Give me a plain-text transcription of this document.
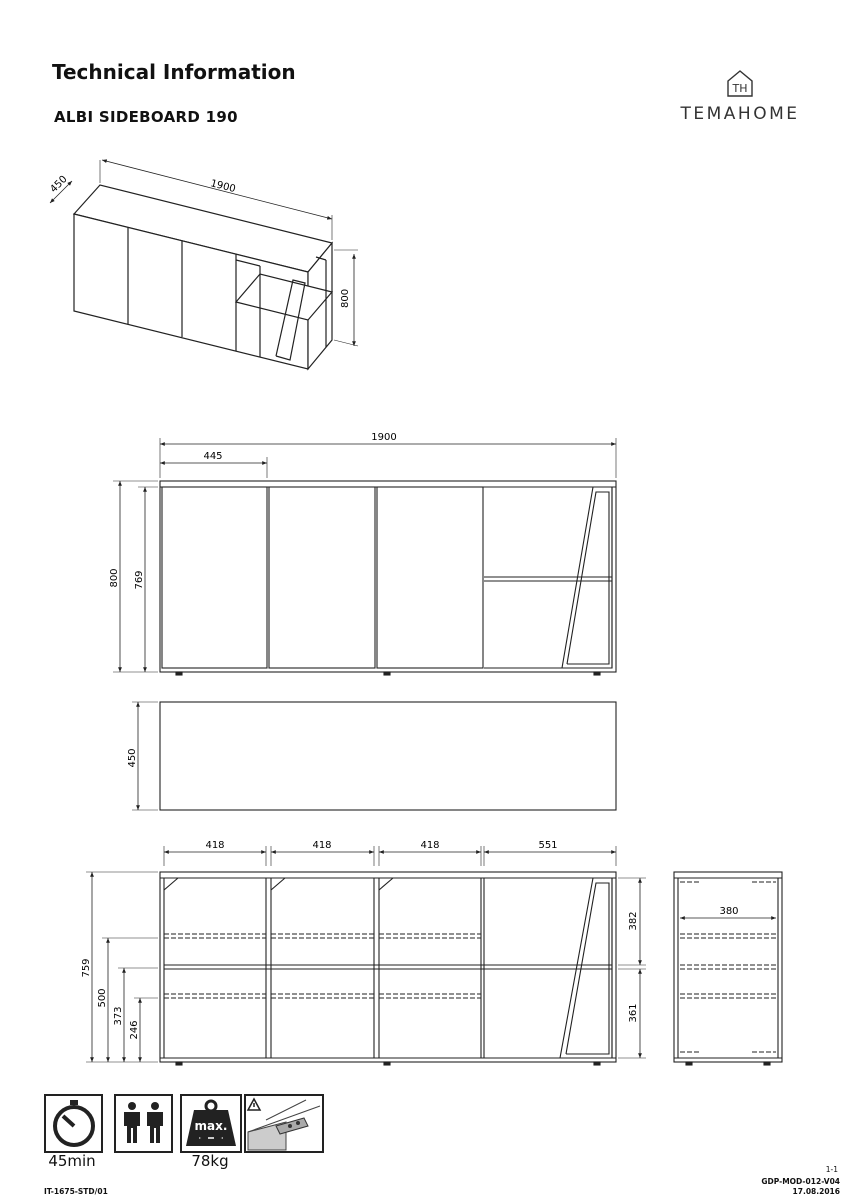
Technical Information
ALBI SIDEBOARD 190
TH
TEMAHOME
1900
450
800
1900
445
800 769
450
418	418	418	551
759
500
373
246
382
361
380
45min
max.
78kg
IT-1675-STD/01
1-1
GDP-MOD-012-V04
17.08.2016
